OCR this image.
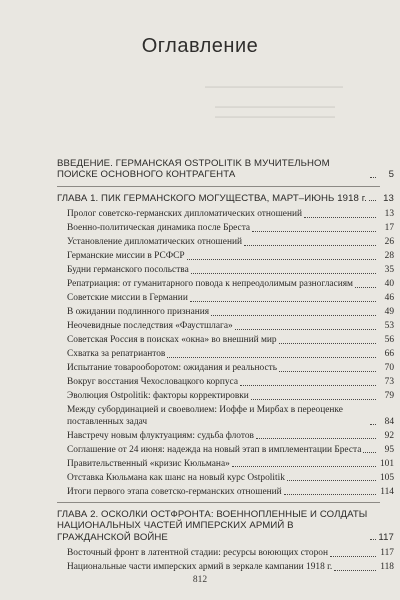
▬▬▬▬▬▬▬▬▬▬▬▬▬▬▬▬▬▬▬▬▬▬▬
▬▬▬▬▬▬▬▬▬▬▬▬▬▬▬▬▬▬▬▬
▬▬▬▬▬▬▬▬▬▬▬▬▬▬▬▬▬▬▬▬
Оглавление
ВВЕДЕНИЕ. ГЕРМАНСКАЯ OSTPOLITIK В МУЧИТЕЛЬНОМ ПОИСКЕ ОСНОВНОГО КОНТРАГЕНТА	5
ГЛАВА 1. ПИК ГЕРМАНСКОГО МОГУЩЕСТВА, МАРТ–ИЮНЬ 1918 г.	13
Пролог советско-германских дипломатических отношений	13
Военно-политическая динамика после Бреста	17
Установление дипломатических отношений	26
Германские миссии в РСФСР	28
Будни германского посольства	35
Репатриация: от гуманитарного повода к непреодолимым разногласиям	40
Советские миссии в Германии	46
В ожидании подлинного признания	49
Неочевидные последствия «Фаустшлага»	53
Советская Россия в поисках «окна» во внешний мир	56
Схватка за репатриантов	66
Испытание товарооборотом: ожидания и реальность	70
Вокруг восстания Чехословацкого корпуса	73
Эволюция Ostpolitik: факторы корректировки	79
Между субординацией и своеволием: Иоффе и Мирбах в переоценке поставленных задач	84
Навстречу новым флуктуациям: судьба флотов	92
Соглашение от 24 июня: надежда на новый этап в имплементации Бреста	95
Правительственный «кризис Кюльмана»	101
Отставка Кюльмана как шанс на новый курс Ostpolitik	105
Итоги первого этапа советско-германских отношений	114
ГЛАВА 2. ОСКОЛКИ ОСТФРОНТА: ВОЕННОПЛЕННЫЕ И СОЛДАТЫ НАЦИОНАЛЬНЫХ ЧАСТЕЙ ИМПЕРСКИХ АРМИЙ В ГРАЖДАНСКОЙ ВОЙНЕ	117
Восточный фронт в латентной стадии: ресурсы воюющих сторон	117
Национальные части имперских армий в зеркале кампании 1918 г.	118
812
